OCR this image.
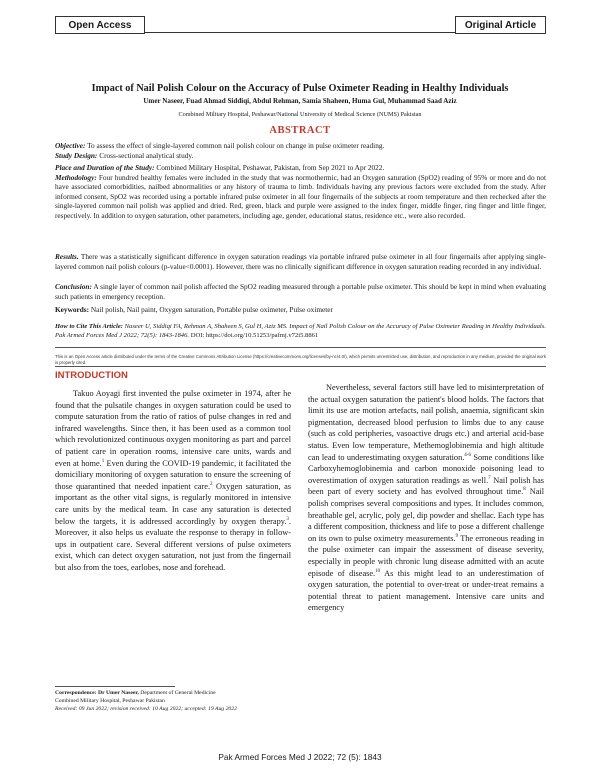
Open Access	Original Article
Impact of Nail Polish Colour on the Accuracy of Pulse Oximeter Reading in Healthy Individuals
Umer Naseer, Fuad Ahmad Siddiqi, Abdul Rehman, Samia Shaheen, Huma Gul, Muhammad Saad Aziz
Combined Military Hospital, Peshawar/National University of Medical Science (NUMS) Pakistan
ABSTRACT
Objective: To assess the effect of single-layered common nail polish colour on change in pulse oximeter reading.
Study Design: Cross-sectional analytical study.
Place and Duration of the Study: Combined Military Hospital, Peshawar, Pakistan, from Sep 2021 to Apr 2022.
Methodology: Four hundred healthy females were included in the study that was normothermic, had an Oxygen saturation (SpO2) reading of 95% or more and do not have associated comorbidities, nailbed abnormalities or any history of trauma to limb. Individuals having any previous factors were excluded from the study. After informed consent, SpO2 was recorded using a portable infrared pulse oximeter in all four fingernails of the subjects at room temperature and then rechecked after the single-layered common nail polish was applied and dried. Red, green, black and purple were assigned to the index finger, middle finger, ring finger and little finger, respectively. In addition to oxygen saturation, other parameters, including age, gender, educational status, residence etc., were also recorded.
Results. There was a statistically significant difference in oxygen saturation readings via portable infrared pulse oximeter in all four fingernails after applying single-layered common nail polish colours (p-value<0.0001). However, there was no clinically significant difference in oxygen saturation reading recorded in any individual.
Conclusion: A single layer of common nail polish affected the SpO2 reading measured through a portable pulse oximeter. This should be kept in mind when evaluating such patients in emergency reception.
Keywords: Nail polish, Nail paint, Oxygen saturation, Portable pulse oximeter, Pulse oximeter
How to Cite This Article: Naseer U, Siddiqi FA, Rehman A, Shaheen S, Gul H, Aziz MS. Impact of Nail Polish Colour on the Accuracy of Pulse Oximeter Reading in Healthy Individuals. Pak Armed Forces Med J 2022; 72(5): 1843-1846. DOI: https://doi.org/10.51253/pafmj.v72i5.8861
This is an Open Access article distributed under the terms of the Creative Commons Attribution License (https://creativecommons.org/licenses/by-nc/4.0/), which permits unrestricted use, distribution, and reproduction in any medium, provided the original work is properly cited.
INTRODUCTION

Takuo Aoyagi first invented the pulse oximeter in 1974, after he found that the pulsatile changes in oxygen saturation could be used to compute saturation from the ratio of ratios of pulse changes in red and infrared wavelengths. Since then, it has been used as a common tool which revolutionized continuous oxygen monitoring as part and parcel of patient care in operation rooms, intensive care units, wards and even at home.$^1$ Even during the COVID-19 pandemic, it facilitated the domiciliary monitoring of oxygen saturation to ensure the screening of those quarantined that needed inpatient care.$^2$ Oxygen saturation, as important as the other vital signs, is regularly monitored in intensive care units by the medical team. In case any saturation is detected below the targets, it is addressed accordingly by oxygen therapy.$^3$. Moreover, it also helps us evaluate the response to therapy in follow-ups in outpatient care. Several different versions of pulse oximeters exist, which can detect oxygen saturation, not just from the fingernail but also from the toes, earlobes, nose and forehead.

Nevertheless, several factors still have led to misinterpretation of the actual oxygen saturation the patient's blood holds. The factors that limit its use are motion artefacts, nail polish, anaemia, significant skin pigmentation, decreased blood perfusion to limbs due to any cause (such as cold peripheries, vasoactive drugs etc.) and arterial acid-base status. Even low temperature, Methemoglobinemia and high altitude can lead to underestimating oxygen saturation.$^{4-6}$ Some conditions like Carboxyhemoglobinemia and carbon monoxide poisoning lead to overestimation of oxygen saturation readings as well.$^7$ Nail polish has been part of every society and has evolved throughout time.$^8$ Nail polish comprises several compositions and types. It includes common, breathable gel, acrylic, poly gel, dip powder and shellac. Each type has a different composition, thickness and life to pose a different challenge on its own to pulse oximetry measurements.$^9$ The erroneous reading in the pulse oximeter can impair the assessment of disease severity, especially in people with chronic lung disease admitted with an acute episode of disease.$^{10}$ As this might lead to an underestimation of oxygen saturation, the potential to over-treat or under-treat remains a potential threat to patient management. Intensive care units and emergency

Correspondence: Dr Umer Naseer, Department of General Medicine
Combined Military Hospital, Peshawar Pakistan
Received: 09 Jun 2022; revision received: 10 Aug 2022; accepted: 19 Aug 2022
Pak Armed Forces Med J 2022; 72 (5): 1843
